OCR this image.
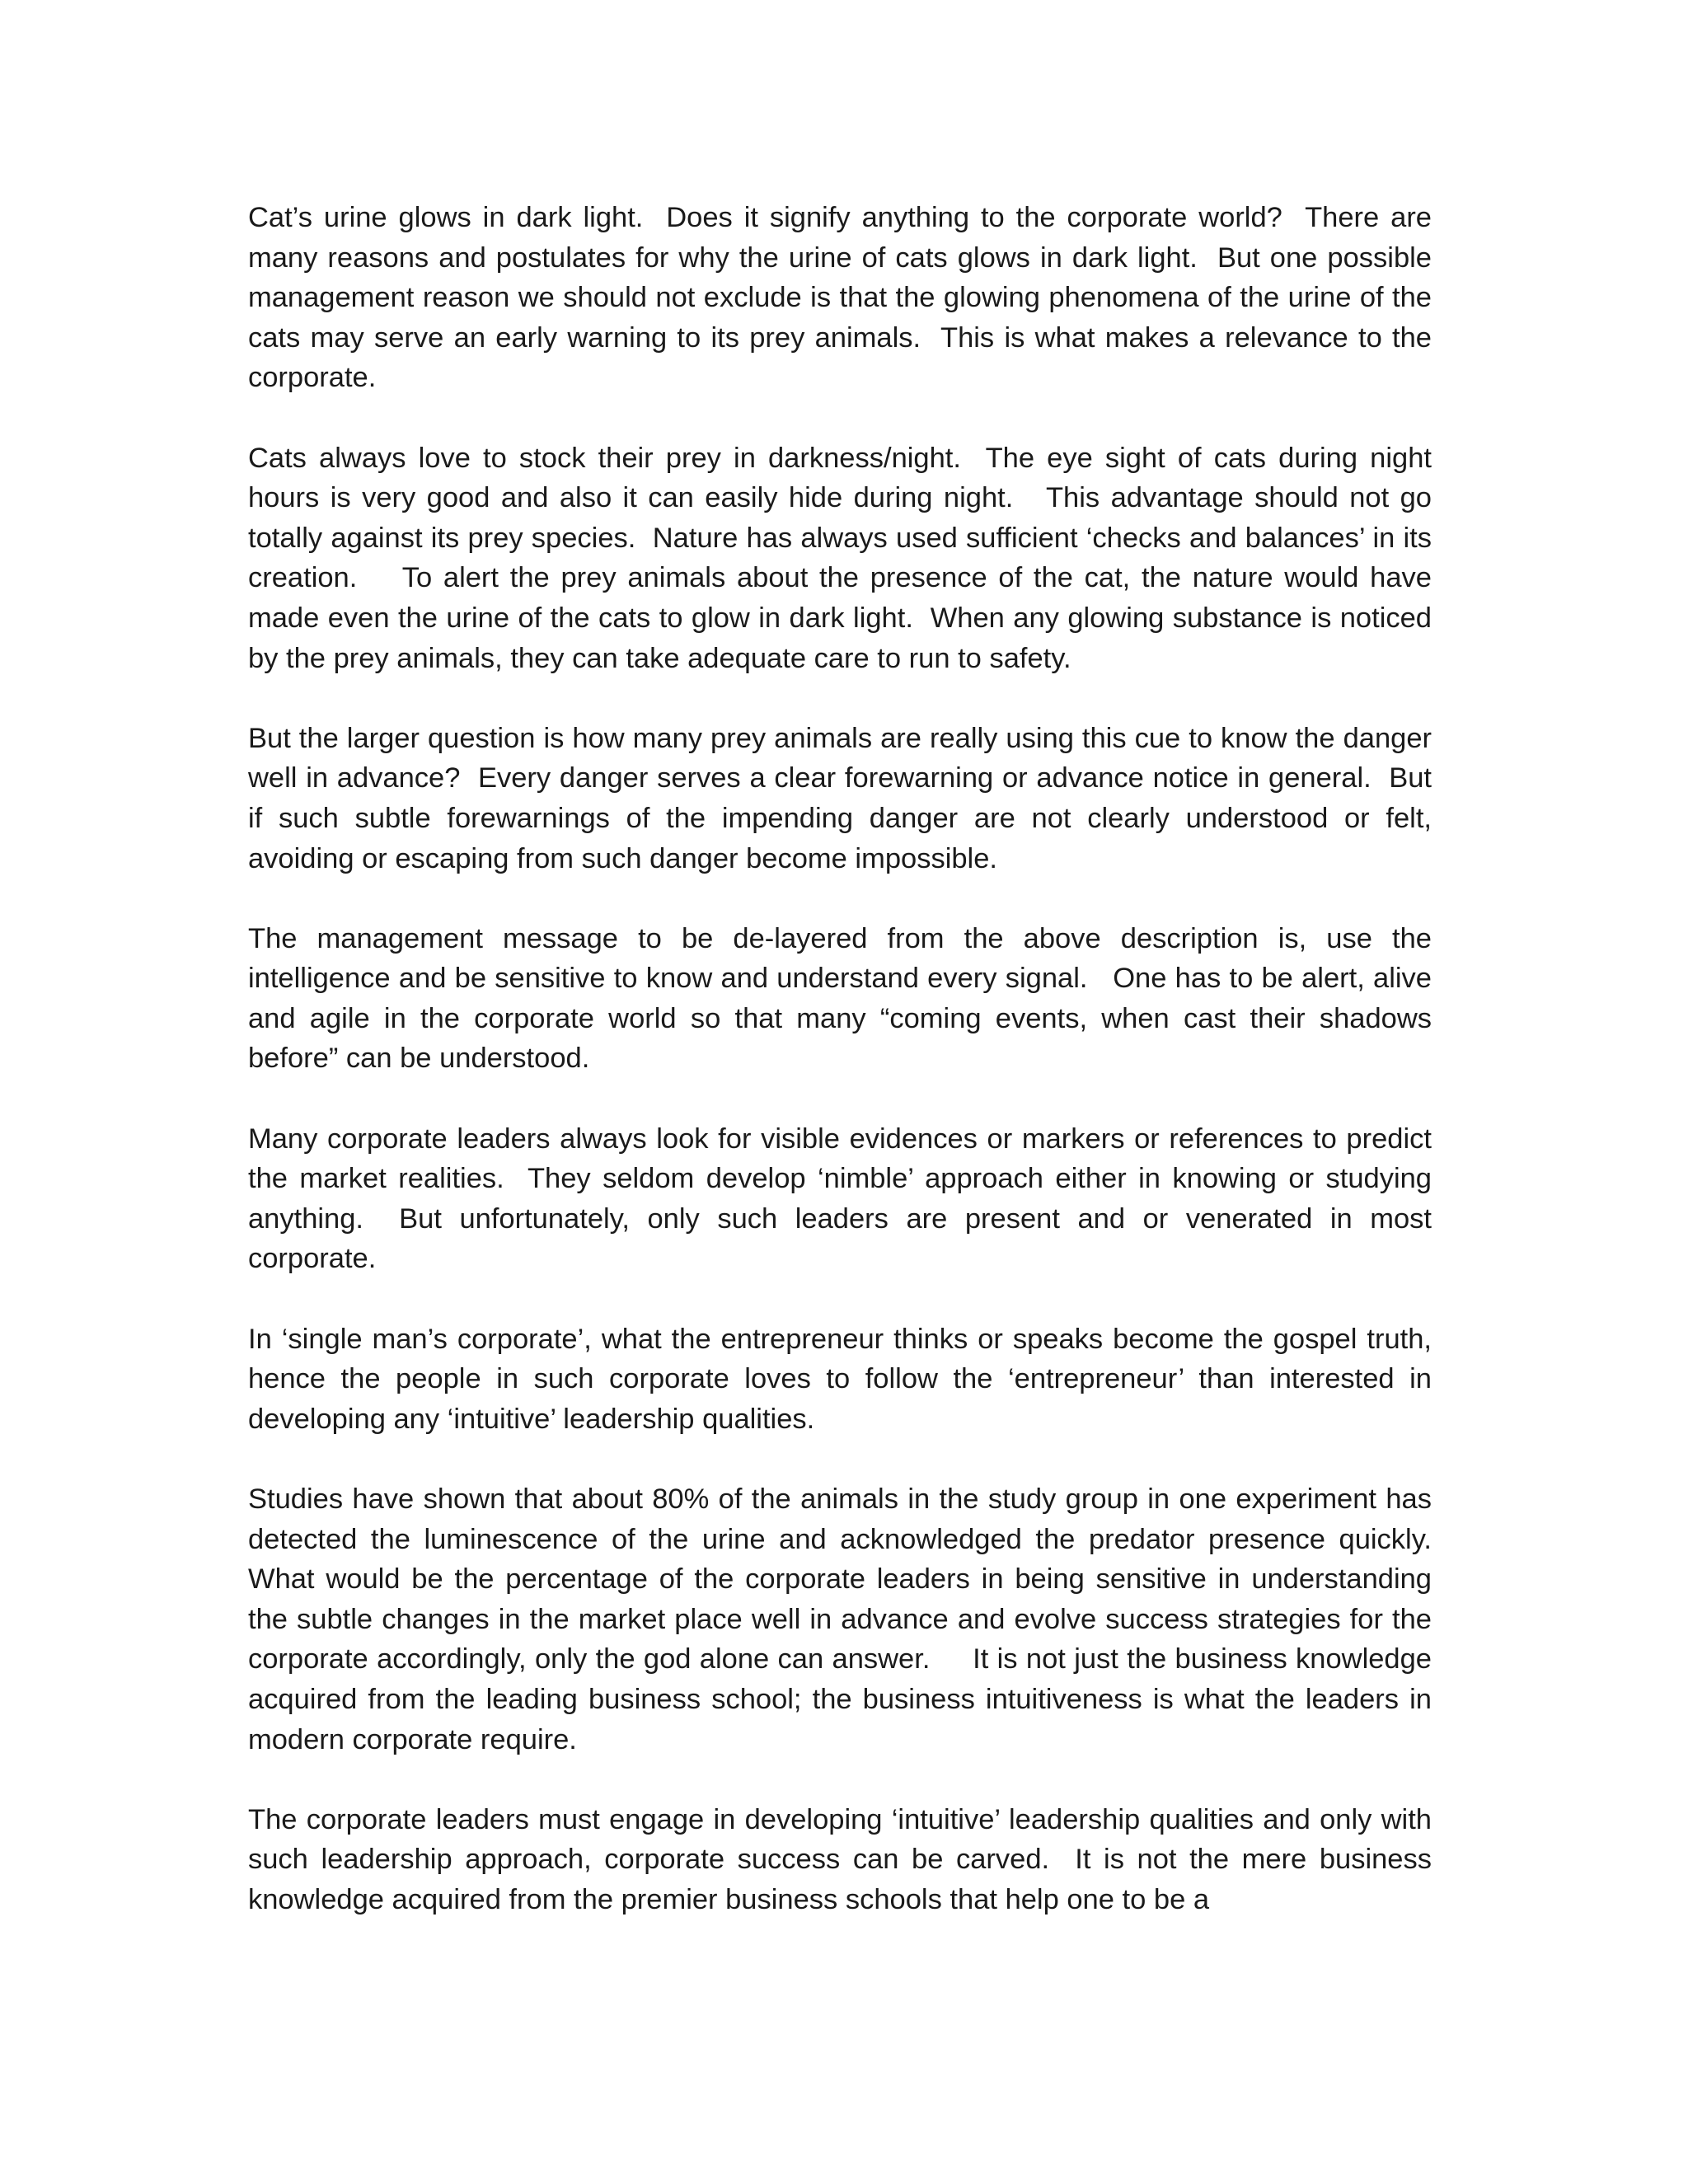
Cat’s urine glows in dark light.  Does it signify anything to the corporate world?  There are many reasons and postulates for why the urine of cats glows in dark light.  But one possible management reason we should not exclude is that the glowing phenomena of the urine of the cats may serve an early warning to its prey animals.  This is what makes a relevance to the corporate.

Cats always love to stock their prey in darkness/night.  The eye sight of cats during night hours is very good and also it can easily hide during night.   This advantage should not go totally against its prey species.  Nature has always used sufficient ‘checks and balances’ in its creation.    To alert the prey animals about the presence of the cat, the nature would have made even the urine of the cats to glow in dark light.  When any glowing substance is noticed by the prey animals, they can take adequate care to run to safety.

But the larger question is how many prey animals are really using this cue to know the danger well in advance?  Every danger serves a clear forewarning or advance notice in general.  But if such subtle forewarnings of the impending danger are not clearly understood or felt, avoiding or escaping from such danger become impossible.

The management message to be de-layered from the above description is, use the intelligence and be sensitive to know and understand every signal.   One has to be alert, alive and agile in the corporate world so that many “coming events, when cast their shadows before” can be understood.

Many corporate leaders always look for visible evidences or markers or references to predict the market realities.  They seldom develop ‘nimble’ approach either in knowing or studying anything.  But unfortunately, only such leaders are present and or venerated in most corporate.

In ‘single man’s corporate’, what the entrepreneur thinks or speaks become the gospel truth, hence the people in such corporate loves to follow the ‘entrepreneur’ than interested in developing any ‘intuitive’ leadership qualities.

Studies have shown that about 80% of the animals in the study group in one experiment has detected the luminescence of the urine and acknowledged the predator presence quickly.  What would be the percentage of the corporate leaders in being sensitive in understanding the subtle changes in the market place well in advance and evolve success strategies for the corporate accordingly, only the god alone can answer.     It is not just the business knowledge acquired from the leading business school; the business intuitiveness is what the leaders in modern corporate require.

The corporate leaders must engage in developing ‘intuitive’ leadership qualities and only with such leadership approach, corporate success can be carved.  It is not the mere business knowledge acquired from the premier business schools that help one to be a
